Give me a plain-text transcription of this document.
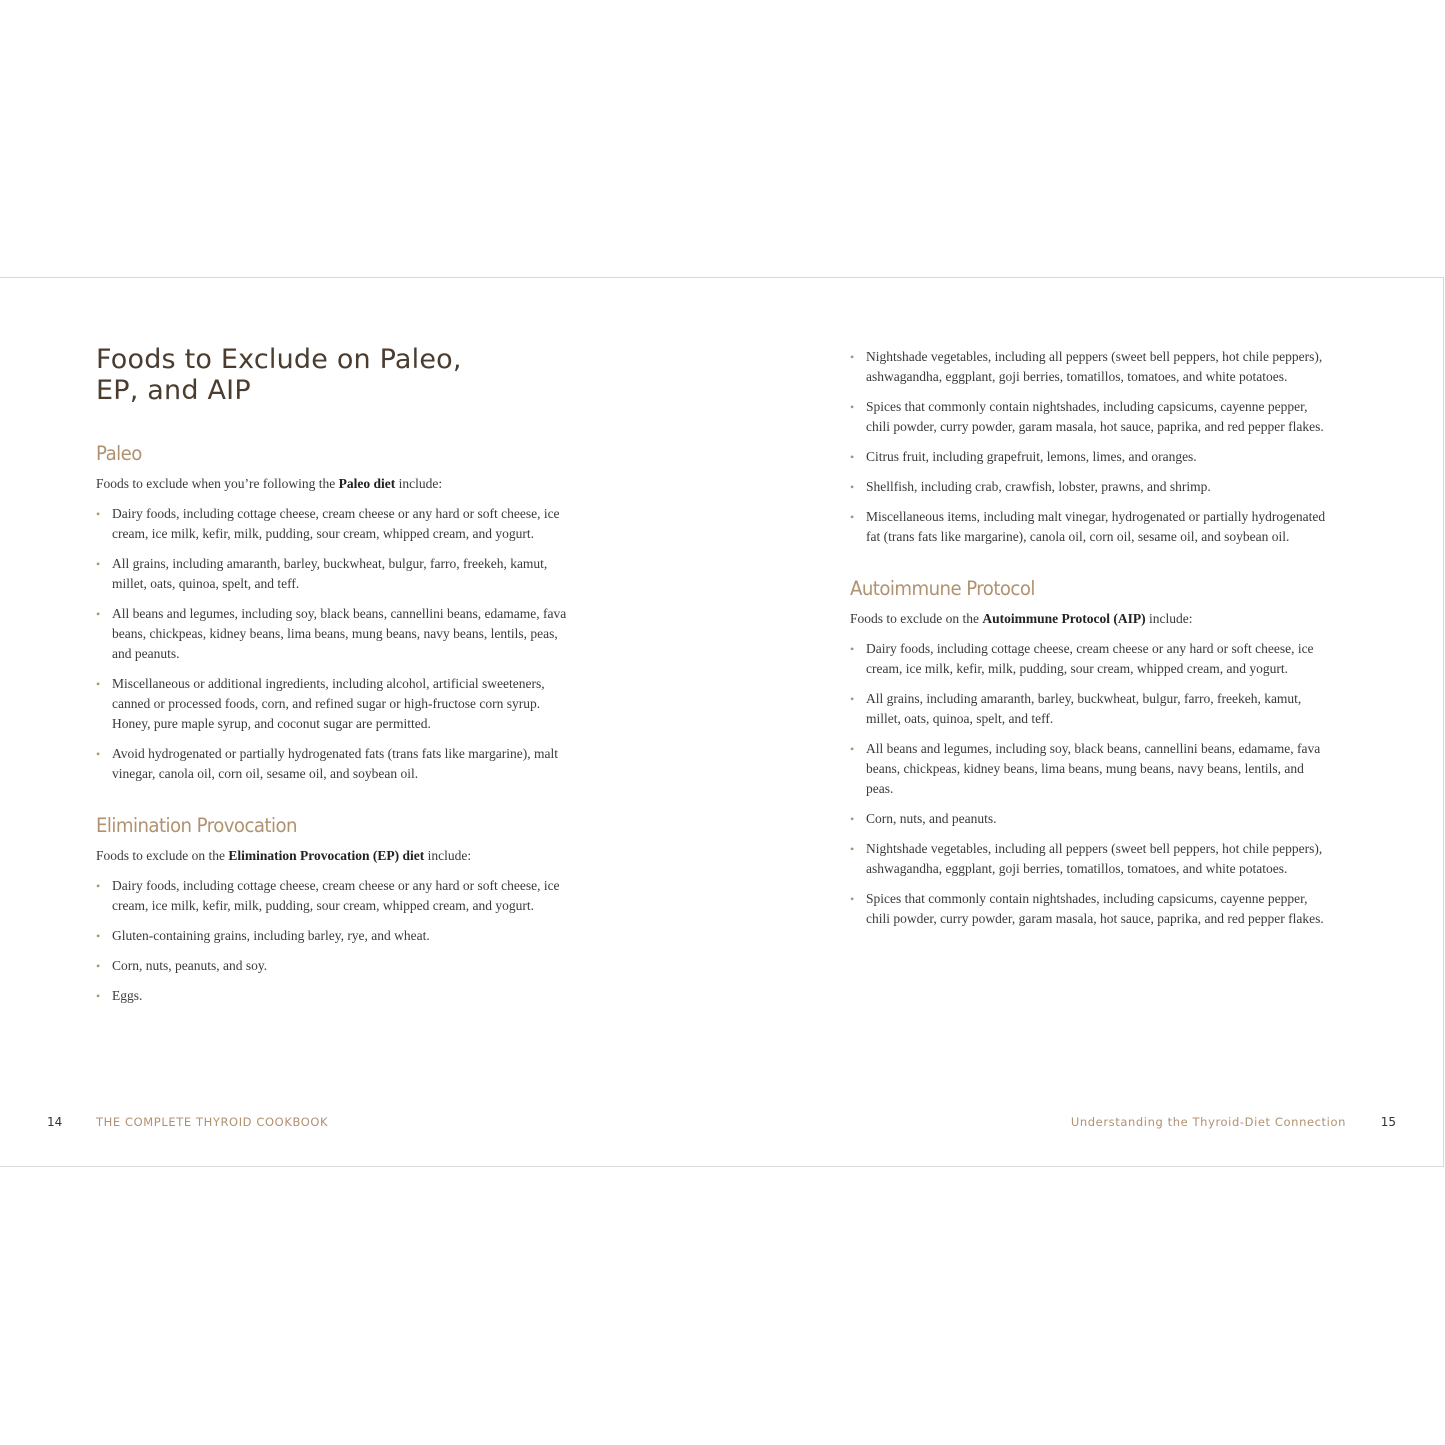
Foods to Exclude on Paleo,
EP, and AIP
Paleo

Foods to exclude when you’re following the Paleo diet include:

• Dairy foods, including cottage cheese, cream cheese or any hard or soft cheese, ice cream, ice milk, kefir, milk, pudding, sour cream, whipped cream, and yogurt.
• All grains, including amaranth, barley, buckwheat, bulgur, farro, freekeh, kamut, millet, oats, quinoa, spelt, and teff.
• All beans and legumes, including soy, black beans, cannellini beans, edamame, fava beans, chickpeas, kidney beans, lima beans, mung beans, navy beans, lentils, peas, and peanuts.
• Miscellaneous or additional ingredients, including alcohol, artificial sweeteners, canned or processed foods, corn, and refined sugar or high-fructose corn syrup. Honey, pure maple syrup, and coconut sugar are permitted.
• Avoid hydrogenated or partially hydrogenated fats (trans fats like margarine), malt vinegar, canola oil, corn oil, sesame oil, and soybean oil.
Elimination Provocation

Foods to exclude on the Elimination Provocation (EP) diet include:

• Dairy foods, including cottage cheese, cream cheese or any hard or soft cheese, ice cream, ice milk, kefir, milk, pudding, sour cream, whipped cream, and yogurt.
• Gluten-containing grains, including barley, rye, and wheat.
• Corn, nuts, peanuts, and soy.
• Eggs.
14	THE COMPLETE THYROID COOKBOOK
• Nightshade vegetables, including all peppers (sweet bell peppers, hot chile peppers), ashwagandha, eggplant, goji berries, tomatillos, tomatoes, and white potatoes.
• Spices that commonly contain nightshades, including capsicums, cayenne pepper, chili powder, curry powder, garam masala, hot sauce, paprika, and red pepper flakes.
• Citrus fruit, including grapefruit, lemons, limes, and oranges.
• Shellfish, including crab, crawfish, lobster, prawns, and shrimp.
• Miscellaneous items, including malt vinegar, hydrogenated or partially hydrogenated fat (trans fats like margarine), canola oil, corn oil, sesame oil, and soybean oil.
Autoimmune Protocol

Foods to exclude on the Autoimmune Protocol (AIP) include:

• Dairy foods, including cottage cheese, cream cheese or any hard or soft cheese, ice cream, ice milk, kefir, milk, pudding, sour cream, whipped cream, and yogurt.
• All grains, including amaranth, barley, buckwheat, bulgur, farro, freekeh, kamut, millet, oats, quinoa, spelt, and teff.
• All beans and legumes, including soy, black beans, cannellini beans, edamame, fava beans, chickpeas, kidney beans, lima beans, mung beans, navy beans, lentils, and peas.
• Corn, nuts, and peanuts.
• Nightshade vegetables, including all peppers (sweet bell peppers, hot chile peppers), ashwagandha, eggplant, goji berries, tomatillos, tomatoes, and white potatoes.
• Spices that commonly contain nightshades, including capsicums, cayenne pepper, chili powder, curry powder, garam masala, hot sauce, paprika, and red pepper flakes.
Understanding the Thyroid-Diet Connection	15
